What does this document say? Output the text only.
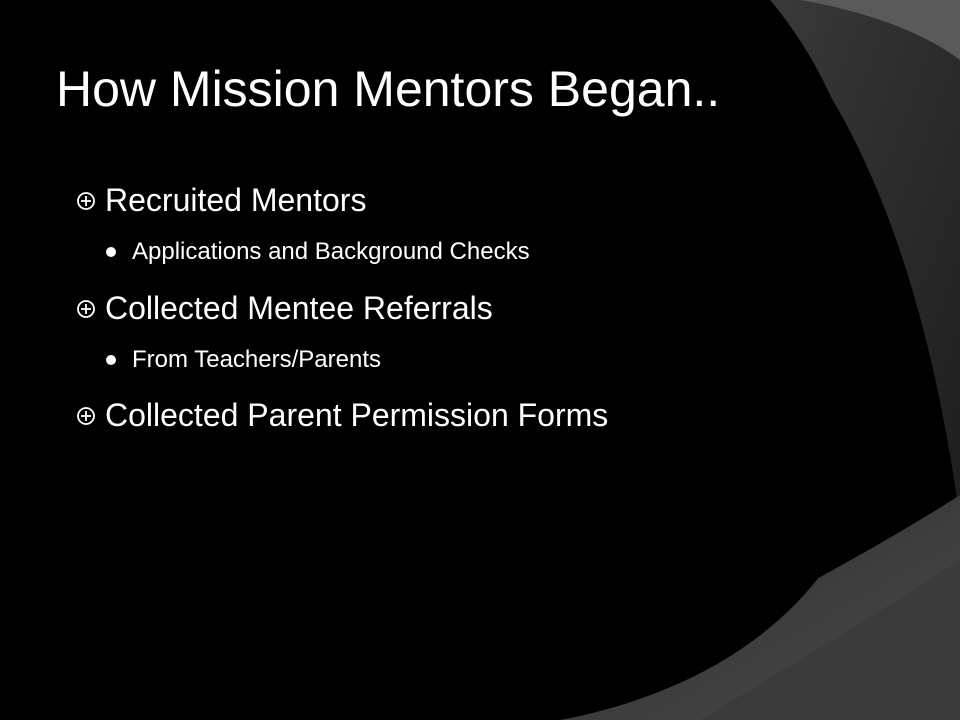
How Mission Mentors Began..
Recruited Mentors
Applications and Background Checks
Collected Mentee Referrals
From Teachers/Parents
Collected Parent Permission Forms
